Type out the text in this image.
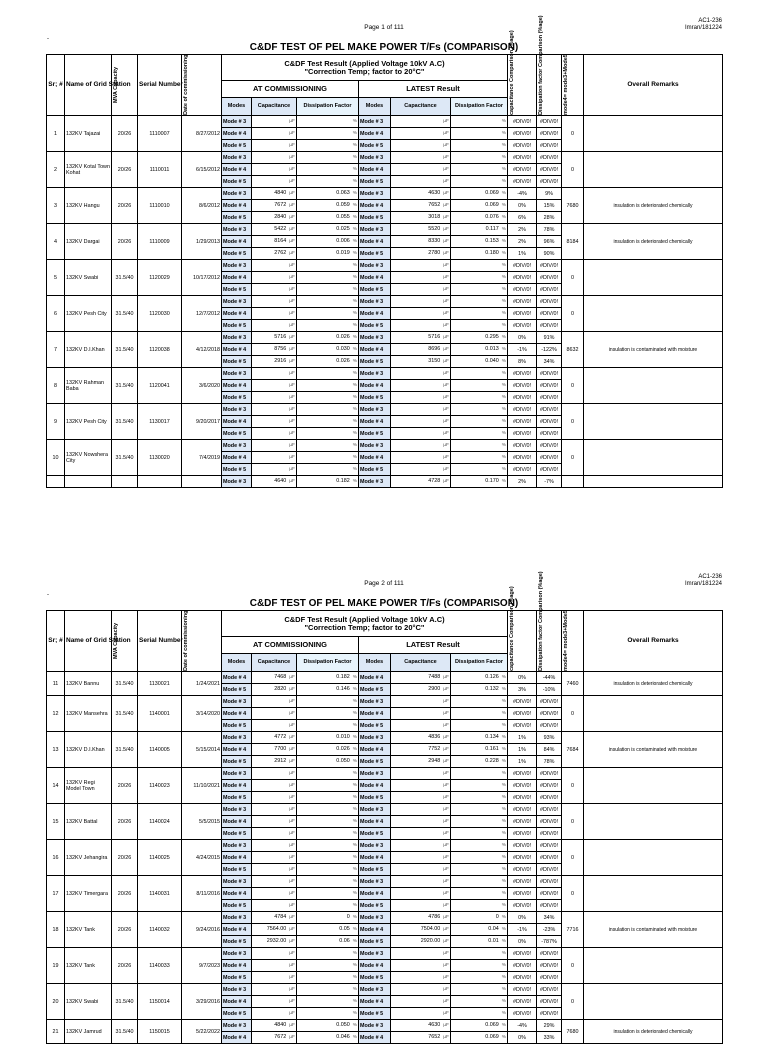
Page 1 of 111
AC1-236
Imran/181224
-
C&DF TEST OF PEL MAKE POWER T/Fs (COMPARISON)
Sr; #	Name of Grid Station	MVA Capacity	Serial Number	Date of commissioning	C&DF Test Result (Applied Voltage 10kV A.C)
"Correction Temp; factor to 20°C"						capacitance Comparison (%age)	Dissipation factor Comparison (%age)	mode4= mode3+Mode5	Overall Remarks
					AT COMMISSIONING			LATEST Result						
					Modes	Capacitance	Dissipation Factor	Modes	Capacitance	Dissipation Factor				
1	132KV Tajazai	20/26	1110007	8/27/2012	Mode # 3	µF	%	Mode # 3	µF	%	#DIV/0!	#DIV/0!	0	
					Mode # 4	µF	%	Mode # 4	µF	%	#DIV/0!	#DIV/0!		
					Mode # 5	µF	%	Mode # 5	µF	%	#DIV/0!	#DIV/0!		
2	132KV Kotal Town Kohat	20/26	1110011	6/15/2012	Mode # 3	µF	%	Mode # 3	µF	%	#DIV/0!	#DIV/0!	0	
					Mode # 4	µF	%	Mode # 4	µF	%	#DIV/0!	#DIV/0!		
					Mode # 5	µF	%	Mode # 5	µF	%	#DIV/0!	#DIV/0!		
3	132KV Hangu	20/26	1110010	8/6/2012	Mode # 3	4840 µF	0.063 %	Mode # 3	4630 µF	0.069 %	-4%	9%	7680	insulation is deteriorated chemically
					Mode # 4	7672 µF	0.059 %	Mode # 4	7652 µF	0.069 %	0%	15%		
					Mode # 5	2840 µF	0.055 %	Mode # 5	3018 µF	0.076 %	6%	28%		
4	132KV Dargai	20/26	1110009	1/29/2013	Mode # 3	5422 µF	0.025 %	Mode # 3	5520 µF	0.117 %	2%	78%	8184	insulation is deteriorated chemically
					Mode # 4	8164 µF	0.006 %	Mode # 4	8330 µF	0.153 %	2%	96%		
					Mode # 5	2762 µF	0.019 %	Mode # 5	2780 µF	0.180 %	1%	90%		
5	132KV Swabi	31.5/40	1120029	10/17/2012	Mode # 3	µF	%	Mode # 3	µF	%	#DIV/0!	#DIV/0!	0	
					Mode # 4	µF	%	Mode # 4	µF	%	#DIV/0!	#DIV/0!		
					Mode # 5	µF	%	Mode # 5	µF	%	#DIV/0!	#DIV/0!		
6	132KV Pesh City	31.5/40	1120030	12/7/2012	Mode # 3	µF	%	Mode # 3	µF	%	#DIV/0!	#DIV/0!	0	
					Mode # 4	µF	%	Mode # 4	µF	%	#DIV/0!	#DIV/0!		
					Mode # 5	µF	%	Mode # 5	µF	%	#DIV/0!	#DIV/0!		
7	132KV D.I.Khan	31.5/40	1120038	4/12/2018	Mode # 3	5716 µF	0.026 %	Mode # 3	5716 µF	0.295 %	0%	91%	8632	insulation is contaminated with moisture
					Mode # 4	8756 µF	0.030 %	Mode # 4	8696 µF	0.013 %	-1%	-122%		
					Mode # 5	2916 µF	0.026 %	Mode # 5	3150 µF	0.040 %	8%	34%		
8	132KV Rahman Baba	31.5/40	1120041	3/6/2020	Mode # 3	µF	%	Mode # 3	µF	%	#DIV/0!	#DIV/0!	0	
					Mode # 4	µF	%	Mode # 4	µF	%	#DIV/0!	#DIV/0!		
					Mode # 5	µF	%	Mode # 5	µF	%	#DIV/0!	#DIV/0!		
9	132KV Pesh City	31.5/40	1130017	9/20/2017	Mode # 3	µF	%	Mode # 3	µF	%	#DIV/0!	#DIV/0!	0	
					Mode # 4	µF	%	Mode # 4	µF	%	#DIV/0!	#DIV/0!		
					Mode # 5	µF	%	Mode # 5	µF	%	#DIV/0!	#DIV/0!		
10	132KV Nowshera City	31.5/40	1130020	7/4/2019	Mode # 3	µF	%	Mode # 3	µF	%	#DIV/0!	#DIV/0!	0	
					Mode # 4	µF	%	Mode # 4	µF	%	#DIV/0!	#DIV/0!		
					Mode # 5	µF	%	Mode # 5	µF	%	#DIV/0!	#DIV/0!		
					Mode # 3	4640 µF	0.182 %	Mode # 3	4728 µF	0.170 %	2%	-7%		
Page 2 of 111
AC1-236
Imran/181224
-
C&DF TEST OF PEL MAKE POWER T/Fs (COMPARISON)
Sr; #	Name of Grid Station	MVA Capacity	Serial Number	Date of commissioning	C&DF Test Result (Applied Voltage 10kV A.C)
"Correction Temp; factor to 20°C"						capacitance Comparison (%age)	Dissipation factor Comparison (%age)	mode4= mode3+Mode5	Overall Remarks
					AT COMMISSIONING			LATEST Result						
					Modes	Capacitance	Dissipation Factor	Modes	Capacitance	Dissipation Factor				
11	132KV Bannu	31.5/40	1130021	1/24/2021	Mode # 4	7468 µF	0.182 %	Mode # 4	7488 µF	0.126 %	0%	-44%	7460	insulation is deteriorated chemically
					Mode # 5	2820 µF	0.146 %	Mode # 5	2900 µF	0.132 %	3%	-10%		
12	132KV Mansehra	31.5/40	1140001	3/14/2020	Mode # 3	µF	%	Mode # 3	µF	%	#DIV/0!	#DIV/0!	0	
					Mode # 4	µF	%	Mode # 4	µF	%	#DIV/0!	#DIV/0!		
					Mode # 5	µF	%	Mode # 5	µF	%	#DIV/0!	#DIV/0!		
13	132KV D.I.Khan	31.5/40	1140005	5/15/2014	Mode # 3	4772 µF	0.010 %	Mode # 3	4836 µF	0.134 %	1%	93%	7684	insulation is contaminated with moisture
					Mode # 4	7700 µF	0.026 %	Mode # 4	7752 µF	0.161 %	1%	84%		
					Mode # 5	2912 µF	0.050 %	Mode # 5	2948 µF	0.228 %	1%	78%		
14	132KV Regi Model Town	20/26	1140023	11/10/2021	Mode # 3	µF	%	Mode # 3	µF	%	#DIV/0!	#DIV/0!	0	
					Mode # 4	µF	%	Mode # 4	µF	%	#DIV/0!	#DIV/0!		
					Mode # 5	µF	%	Mode # 5	µF	%	#DIV/0!	#DIV/0!		
15	132KV Battal	20/26	1140024	5/5/2015	Mode # 3	µF	%	Mode # 3	µF	%	#DIV/0!	#DIV/0!	0	
					Mode # 4	µF	%	Mode # 4	µF	%	#DIV/0!	#DIV/0!		
					Mode # 5	µF	%	Mode # 5	µF	%	#DIV/0!	#DIV/0!		
16	132KV Jehangira	20/26	1140025	4/24/2015	Mode # 3	µF	%	Mode # 3	µF	%	#DIV/0!	#DIV/0!	0	
					Mode # 4	µF	%	Mode # 4	µF	%	#DIV/0!	#DIV/0!		
					Mode # 5	µF	%	Mode # 5	µF	%	#DIV/0!	#DIV/0!		
17	132KV Timergara	20/26	1140031	8/11/2016	Mode # 3	µF	%	Mode # 3	µF	%	#DIV/0!	#DIV/0!	0	
					Mode # 4	µF	%	Mode # 4	µF	%	#DIV/0!	#DIV/0!		
					Mode # 5	µF	%	Mode # 5	µF	%	#DIV/0!	#DIV/0!		
18	132KV Tank	20/26	1140032	9/24/2016	Mode # 3	4784 µF	0 %	Mode # 3	4786 µF	0 %	0%	34%	7716	insulation is contaminated with moisture
					Mode # 4	7564.00 µF	0.05 %	Mode # 4	7504.00 µF	0.04 %	-1%	-23%		
					Mode # 5	2932.00 µF	0.06 %	Mode # 5	2920.00 µF	0.01 %	0%	-787%		
19	132KV Tank	20/26	1140033	9/7/2023	Mode # 3	µF	%	Mode # 3	µF	%	#DIV/0!	#DIV/0!	0	
					Mode # 4	µF	%	Mode # 4	µF	%	#DIV/0!	#DIV/0!		
					Mode # 5	µF	%	Mode # 5	µF	%	#DIV/0!	#DIV/0!		
20	132KV Swabi	31.5/40	1150014	3/29/2016	Mode # 3	µF	%	Mode # 3	µF	%	#DIV/0!	#DIV/0!	0	
					Mode # 4	µF	%	Mode # 4	µF	%	#DIV/0!	#DIV/0!		
					Mode # 5	µF	%	Mode # 5	µF	%	#DIV/0!	#DIV/0!		
21	132KV Jamrud	31.5/40	1150015	5/22/2022	Mode # 3	4840 µF	0.050 %	Mode # 3	4630 µF	0.069 %	-4%	29%	7680	insulation is deteriorated chemically
					Mode # 4	7672 µF	0.046 %	Mode # 4	7652 µF	0.069 %	0%	33%		
